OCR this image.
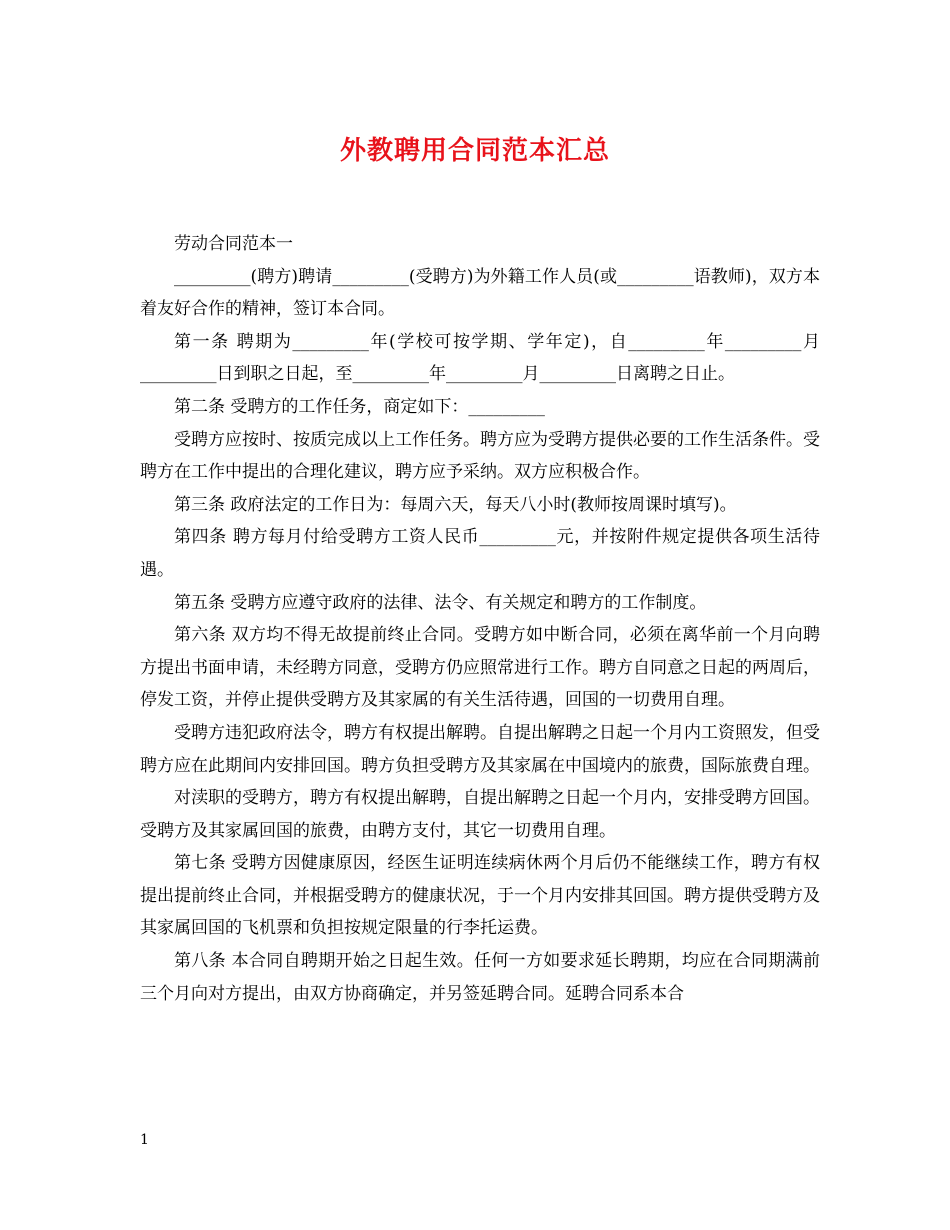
外教聘用合同范本汇总

劳动合同范本一

_________(聘方)聘请_________(受聘方)为外籍工作人员(或_________语教师)，双方本着友好合作的精神，签订本合同。

第一条 聘期为_________年(学校可按学期、学年定)，自_________年_________月_________日到职之日起，至_________年_________月_________日离聘之日止。

第二条 受聘方的工作任务，商定如下：_________

受聘方应按时、按质完成以上工作任务。聘方应为受聘方提供必要的工作生活条件。受聘方在工作中提出的合理化建议，聘方应予采纳。双方应积极合作。

第三条 政府法定的工作日为：每周六天，每天八小时(教师按周课时填写)。

第四条 聘方每月付给受聘方工资人民币_________元，并按附件规定提供各项生活待遇。

第五条 受聘方应遵守政府的法律、法令、有关规定和聘方的工作制度。

第六条 双方均不得无故提前终止合同。受聘方如中断合同，必须在离华前一个月向聘方提出书面申请，未经聘方同意，受聘方仍应照常进行工作。聘方自同意之日起的两周后，停发工资，并停止提供受聘方及其家属的有关生活待遇，回国的一切费用自理。

受聘方违犯政府法令，聘方有权提出解聘。自提出解聘之日起一个月内工资照发，但受聘方应在此期间内安排回国。聘方负担受聘方及其家属在中国境内的旅费，国际旅费自理。

对渎职的受聘方，聘方有权提出解聘，自提出解聘之日起一个月内，安排受聘方回国。受聘方及其家属回国的旅费，由聘方支付，其它一切费用自理。

第七条 受聘方因健康原因，经医生证明连续病休两个月后仍不能继续工作，聘方有权提出提前终止合同，并根据受聘方的健康状况，于一个月内安排其回国。聘方提供受聘方及其家属回国的飞机票和负担按规定限量的行李托运费。

第八条 本合同自聘期开始之日起生效。任何一方如要求延长聘期，均应在合同期满前三个月向对方提出，由双方协商确定，并另签延聘合同。延聘合同系本合

1
